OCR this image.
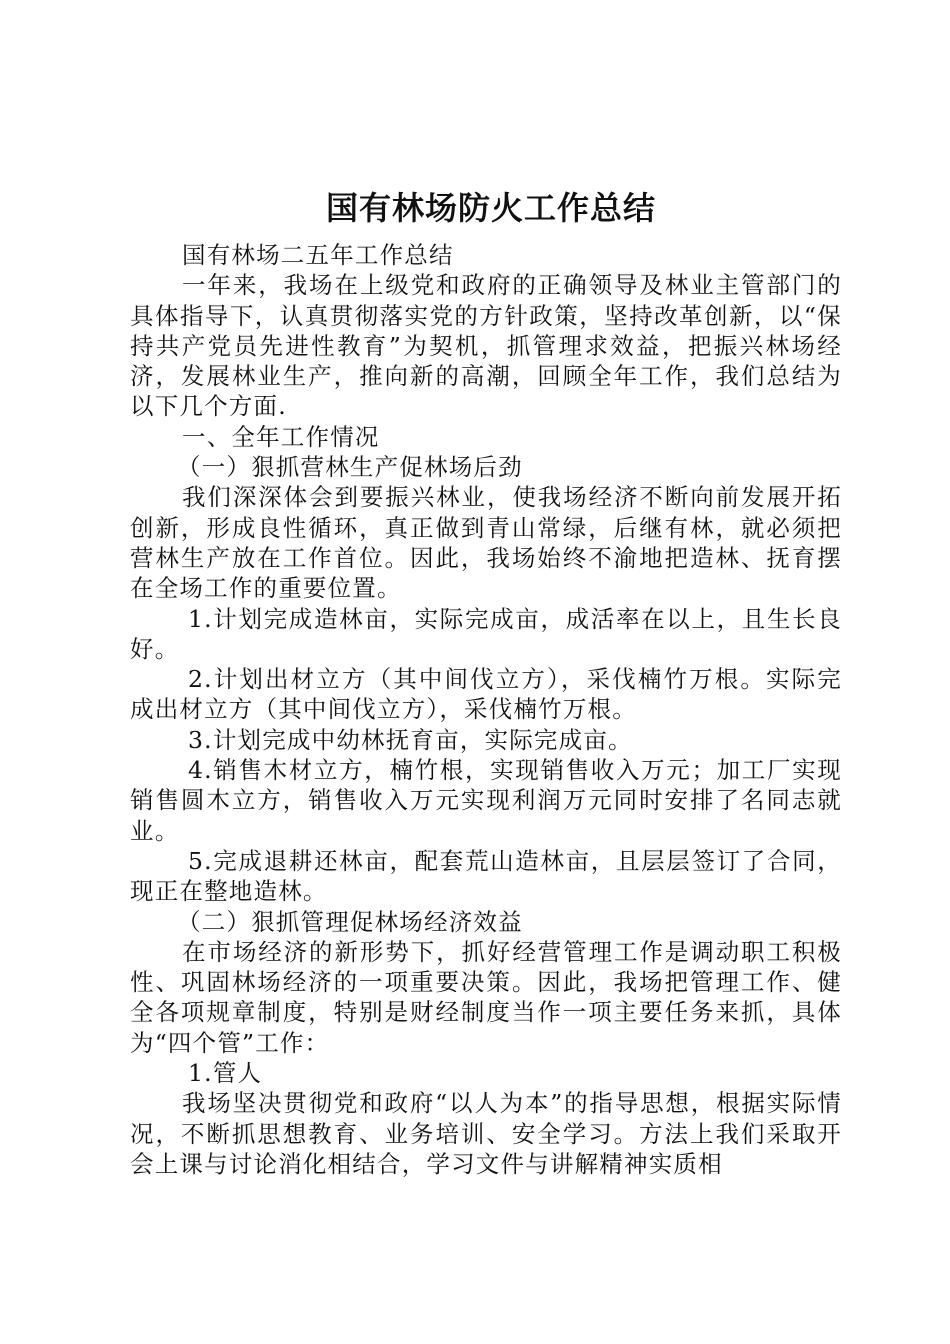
国有林场防火工作总结

国有林场二五年工作总结

一年来，我场在上级党和政府的正确领导及林业主管部门的具体指导下，认真贯彻落实党的方针政策，坚持改革创新，以“保持共产党员先进性教育”为契机，抓管理求效益，把振兴林场经济，发展林业生产，推向新的高潮，回顾全年工作，我们总结为以下几个方面.

一、全年工作情况

（一）狠抓营林生产促林场后劲

我们深深体会到要振兴林业，使我场经济不断向前发展开拓创新，形成良性循环，真正做到青山常绿，后继有林，就必须把营林生产放在工作首位。因此，我场始终不渝地把造林、抚育摆在全场工作的重要位置。

1.计划完成造林亩，实际完成亩，成活率在以上，且生长良好。

2.计划出材立方（其中间伐立方），采伐楠竹万根。实际完成出材立方（其中间伐立方），采伐楠竹万根。

3.计划完成中幼林抚育亩，实际完成亩。

4.销售木材立方，楠竹根，实现销售收入万元；加工厂实现销售圆木立方，销售收入万元实现利润万元同时安排了名同志就业。

5.完成退耕还林亩，配套荒山造林亩，且层层签订了合同，现正在整地造林。

（二）狠抓管理促林场经济效益

在市场经济的新形势下，抓好经营管理工作是调动职工积极性、巩固林场经济的一项重要决策。因此，我场把管理工作、健全各项规章制度，特别是财经制度当作一项主要任务来抓，具体为“四个管”工作：

1.管人

我场坚决贯彻党和政府“以人为本”的指导思想，根据实际情况，不断抓思想教育、业务培训、安全学习。方法上我们采取开会上课与讨论消化相结合，学习文件与讲解精神实质相
